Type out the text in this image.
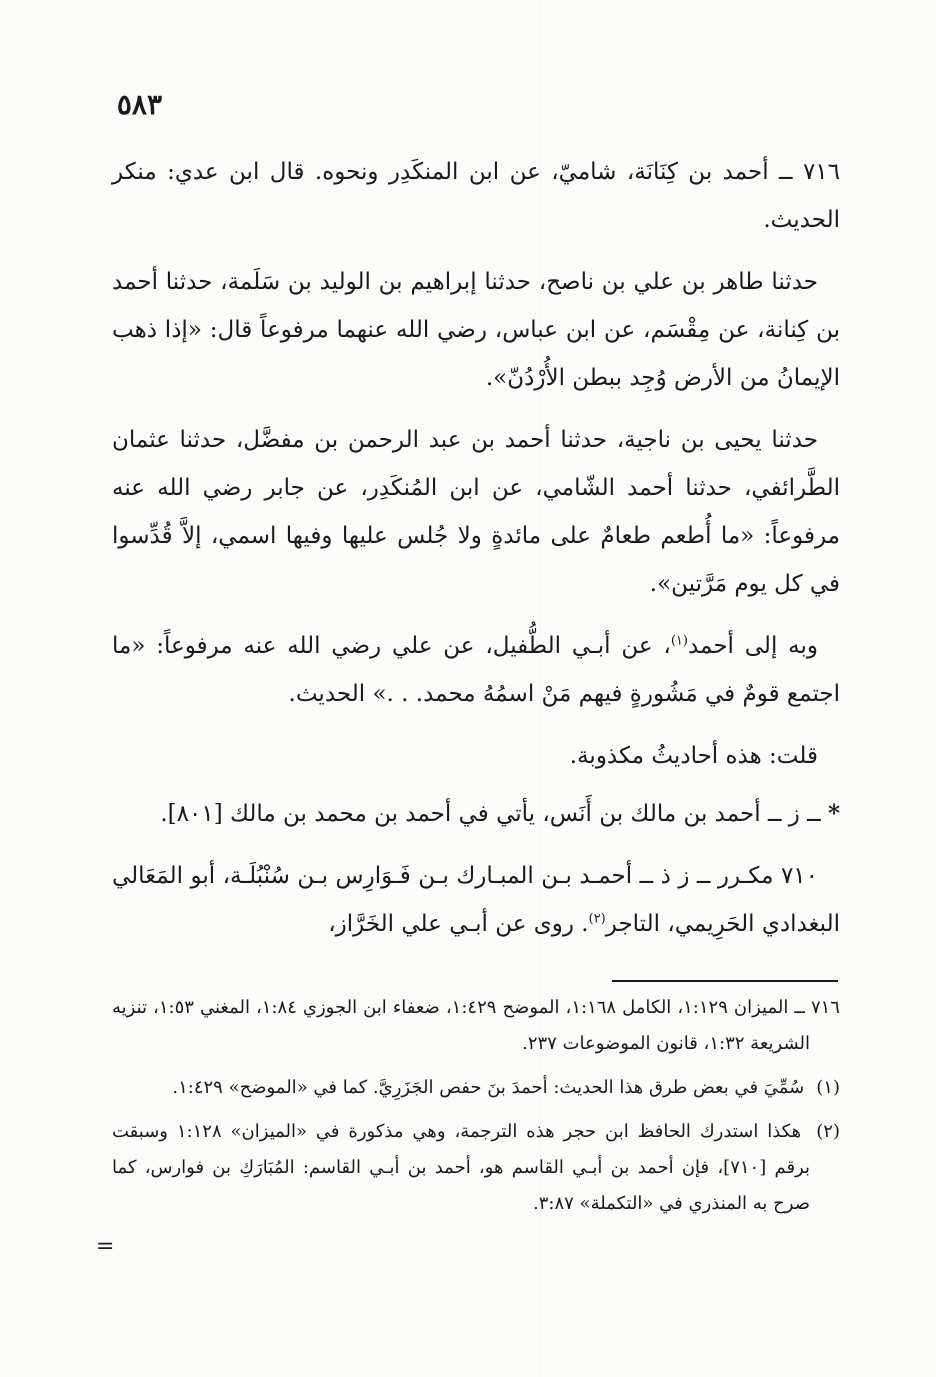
٥٨٣

٧١٦ ــ أحمد بن كِنَانَة، شاميّ، عن ابن المنكَدِر ونحوه. قال ابن عدي: منكر الحديث.

حدثنا طاهر بن علي بن ناصح، حدثنا إبراهيم بن الوليد بن سَلَمة، حدثنا أحمد بن كِنانة، عن مِقْسَم، عن ابن عباس، رضي الله عنهما مرفوعاً قال: «إذا ذهب الإيمانُ من الأرض وُجِد ببطن الأُرْدُنّ».

حدثنا يحيى بن ناجية، حدثنا أحمد بن عبد الرحمن بن مفضَّل، حدثنا عثمان الطَّرائفي، حدثنا أحمد الشّامي، عن ابن المُنكَدِر، عن جابر رضي الله عنه مرفوعاً: «ما أُطعم طعامٌ على مائدةٍ ولا جُلس عليها وفيها اسمي، إلاَّ قُدِّسوا في كل يوم مَرَّتين».

وبه إلى أحمد$^{(١)}$، عن أبـي الطُّفيل، عن علي رضي الله عنه مرفوعاً: «ما اجتمع قومٌ في مَشُورةٍ فيهم مَنْ اسمُهُ محمد. . .» الحديث.

قلت: هذه أحاديثُ مكذوبة.

* ــ ز ــ أحمد بن مالك بن أَنَس، يأتي في أحمد بن محمد بن مالك [٨٠١].

٧١٠ مكـرر ــ ز ذ ــ أحمـد بـن المبـارك بـن فَـوَارِس بـن سُنْبُلَـة، أبو المَعَالي البغدادي الحَرِيمي، التاجر$^{(٢)}$. روى عن أبـي علي الخَرَّاز،

٧١٦ ــ الميزان ١:١٢٩، الكامل ١:١٦٨، الموضح ١:٤٢٩، ضعفاء ابن الجوزي ١:٨٤، المغني ١:٥٣، تنزيه الشريعة ١:٣٢، قانون الموضوعات ٢٣٧.

(١) سُمِّيَ في بعض طرق هذا الحديث: أحمدَ بنَ حفص الجَزَرِيَّ. كما في «الموضح» ١:٤٢٩.

(٢) هكذا استدرك الحافظ ابن حجر هذه الترجمة، وهي مذكورة في «الميزان» ١:١٢٨ وسبقت برقم [٧١٠]، فإن أحمد بن أبـي القاسم هو، أحمد بن أبـي القاسم: المُبَارَكِ بن فوارس، كما صرح به المنذري في «التكملة» ٣:٨٧.

=
